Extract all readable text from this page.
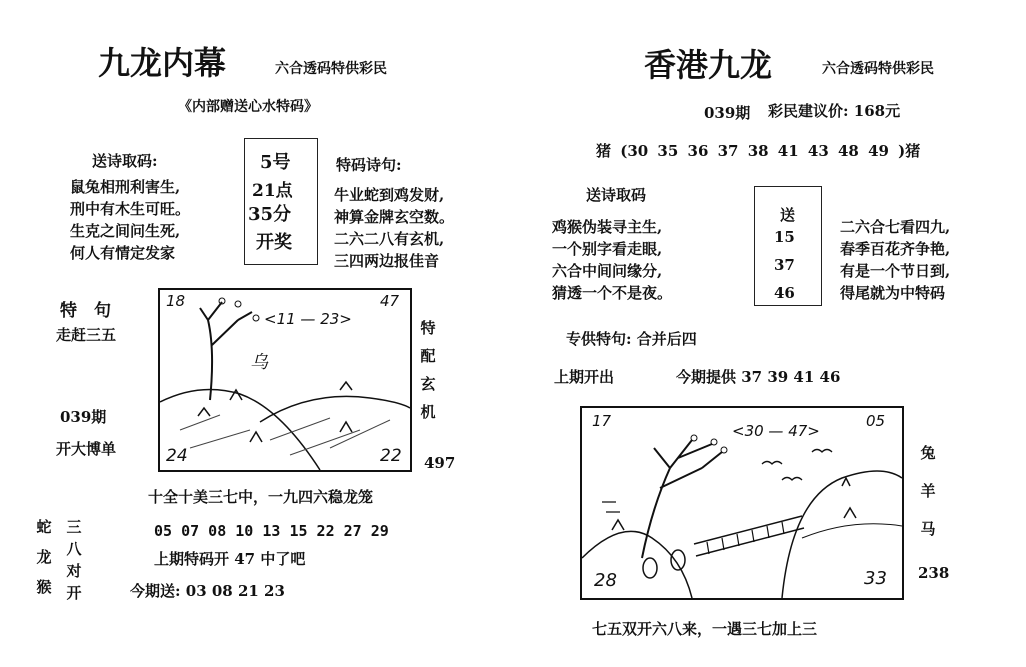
九龙内幕	六合透码特供彩民
《内部赠送心水特码》
送诗取码:
鼠兔相刑利害生,
刑中有木生可旺。
生克之间问生死,
何人有情定发家
5号
21点
35分
开奖
特码诗句:
牛业蛇到鸡发财,
神算金牌玄空数。
二六二八有玄机,
三四两边报佳音
特　句
走赶三五
039期
开大博单
18	47
24	22
<11 — 23>
乌
特
配
玄
机
497
十全十美三七中，一九四六稳龙笼
蛇
龙
猴
三
八
对
开
05 07 08 10 13 15 22 27 29
上期特码开 47 中了吧
今期送: 03 08 21 23
香港九龙	六合透码特供彩民
039期 彩民建议价: 168元
猪 (30 35 36 37 38 41 43 48 49 )猪
送诗取码
鸡猴伪装寻主生,
一个别字看走眼,
六合中间问缘分,
猜透一个不是夜。
送
15
37
46
二六合七看四九,
春季百花齐争艳,
有是一个节日到,
得尾就为中特码
专供特句: 合并后四
上期开出	今期提供 37 39 41 46
17	05
28	33
<30 — 47>
兔
羊
马
238
七五双开六八来，一遇三七加上三
